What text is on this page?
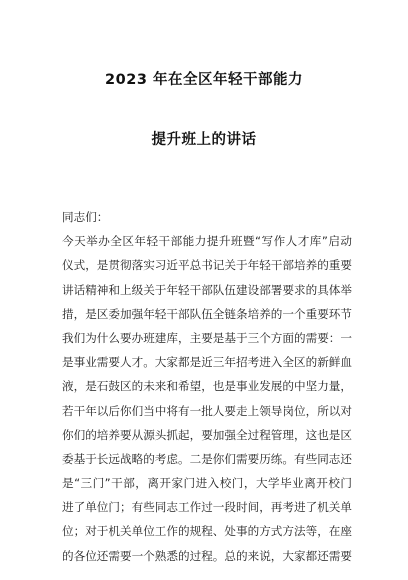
2023 年在全区年轻干部能力
提升班上的讲话
同志们：
今天举办全区年轻干部能力提升班暨“写作人才库”启动
仪式，是贯彻落实习近平总书记关于年轻干部培养的重要
讲话精神和上级关于年轻干部队伍建设部署要求的具体举
措，是区委加强年轻干部队伍全链条培养的一个重要环节
我们为什么要办班建库，主要是基于三个方面的需要：一
是事业需要人才。大家都是近三年招考进入全区的新鲜血
液，是石鼓区的未来和希望，也是事业发展的中坚力量，
若干年以后你们当中将有一批人要走上领导岗位，所以对
你们的培养要从源头抓起，要加强全过程管理，这也是区
委基于长远战略的考虑。二是你们需要历练。有些同志还
是“三门”干部，离开家门进入校门，大学毕业离开校门
进了单位门；有些同志工作过一段时间，再考进了机关单
位；对于机关单位工作的规程、处事的方式方法等，在座
的各位还需要一个熟悉的过程。总的来说，大家都还需要
